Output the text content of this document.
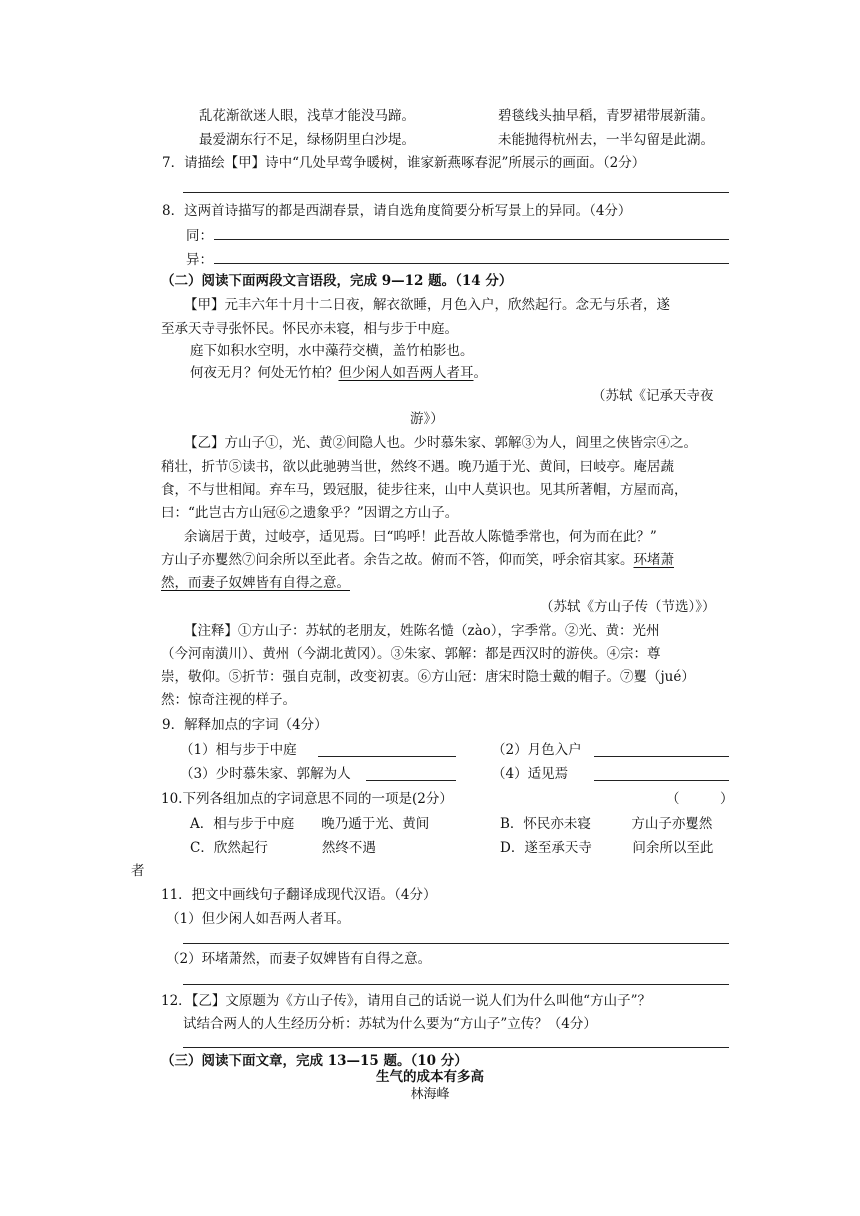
乱花渐欲迷人眼，浅草才能没马蹄。	碧毯线头抽早稻，青罗裙带展新蒲。
最爱湖东行不足，绿杨阴里白沙堤。	未能抛得杭州去，一半勾留是此湖。
7．请描绘【甲】诗中“几处早莺争暖树，谁家新燕啄春泥”所展示的画面。（2分）
8．这两首诗描写的都是西湖春景，请自选角度简要分析写景上的异同。（4分）
同：
异：
（二）阅读下面两段文言语段，完成 9—12 题。（14 分）
【甲】元丰六年十月十二日夜，解衣欲睡，月色入户，欣然起行。念无与乐者，遂
至承天寺寻张怀民。怀民亦未寝，相与步于中庭。
庭下如积水空明，水中藻荇交横，盖竹柏影也。
何夜无月？何处无竹柏？但少闲人如吾两人者耳。
（苏轼《记承天寺夜
游》）
【乙】方山子①，光、黄②间隐人也。少时慕朱家、郭解③为人，闾里之侠皆宗④之。
稍壮，折节⑤读书，欲以此驰骋当世，然终不遇。晚乃遁于光、黄间，曰岐亭。庵居蔬
食，不与世相闻。弃车马，毁冠服，徒步往来，山中人莫识也。见其所著帽，方屋而高，
曰：“此岂古方山冠⑥之遗象乎？”因谓之方山子。
余谪居于黄，过岐亭，适见焉。曰“呜呼！此吾故人陈慥季常也，何为而在此？”
方山子亦矍然⑦问余所以至此者。余告之故。俯而不答，仰而笑，呼余宿其家。环堵萧
然，而妻子奴婢皆有自得之意。
（苏轼《方山子传（节选）》）
【注释】①方山子：苏轼的老朋友，姓陈名慥（zào），字季常。②光、黄：光州
（今河南潢川）、黄州（今湖北黄冈）。③朱家、郭解：都是西汉时的游侠。④宗：尊
崇，敬仰。⑤折节：强自克制，改变初衷。⑥方山冠：唐宋时隐士戴的帽子。⑦矍（jué）
然：惊奇注视的样子。
9．解释加点的字词（4分）
（1）相与步于中庭	（2）月色入户
（3）少时慕朱家、郭解为人	（4）适见焉
10.下列各组加点的字词意思不同的一项是(2分）	（　　　）
A．相与步于中庭　　晚乃遁于光、黄间	B．怀民亦未寝　　　方山子亦矍然
C．欣然起行　　　　然终不遇	D．遂至承天寺　　　问余所以至此
者
11．把文中画线句子翻译成现代汉语。（4分）
（1）但少闲人如吾两人者耳。
（2）环堵萧然，而妻子奴婢皆有自得之意。
12．【乙】文原题为《方山子传》，请用自己的话说一说人们为什么叫他“方山子”？
试结合两人的人生经历分析：苏轼为什么要为“方山子”立传？（4分）
（三）阅读下面文章，完成 13—15 题。（10 分）
生气的成本有多高
林海峰
